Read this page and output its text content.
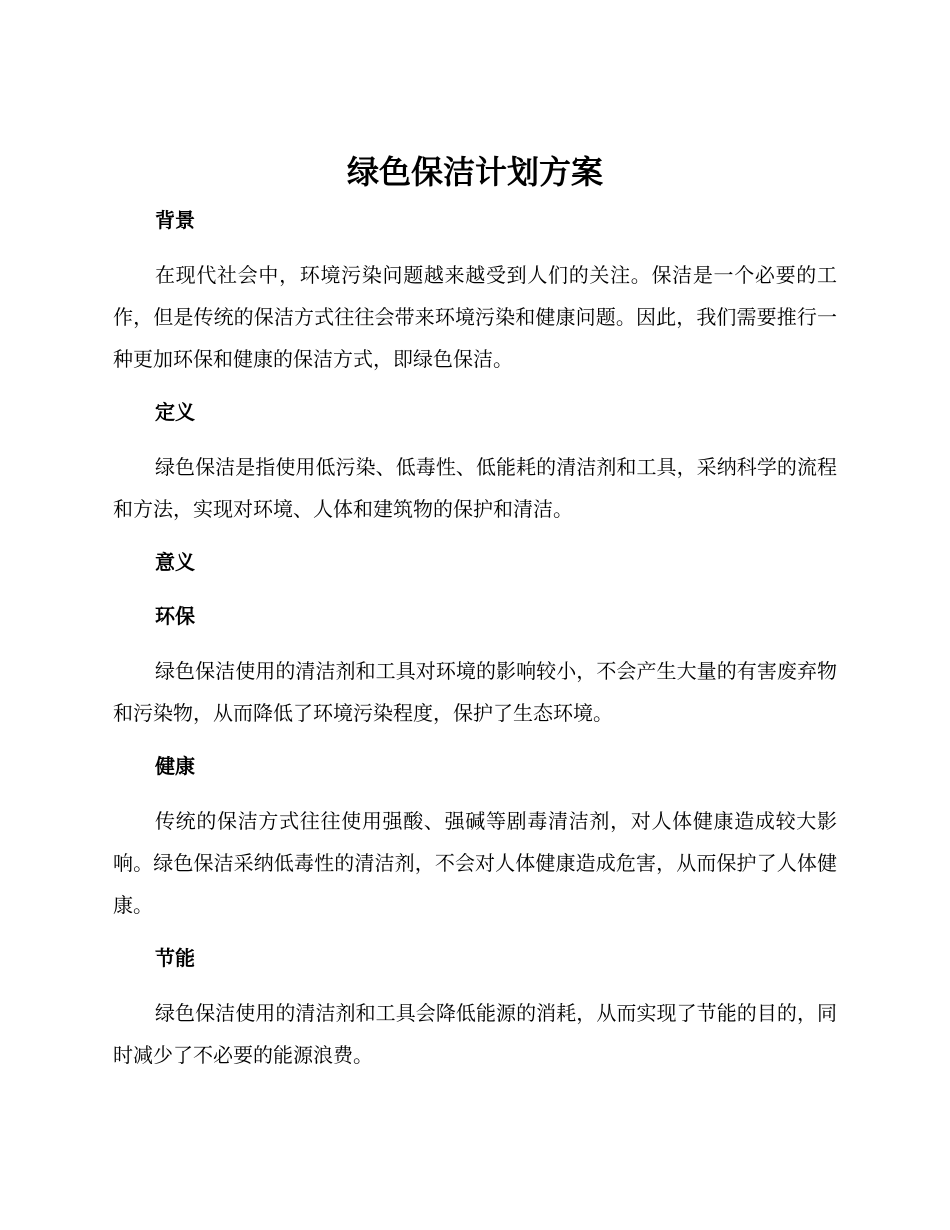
绿色保洁计划方案
背景

在现代社会中，环境污染问题越来越受到人们的关注。保洁是一个必要的工作，但是传统的保洁方式往往会带来环境污染和健康问题。因此，我们需要推行一种更加环保和健康的保洁方式，即绿色保洁。

定义

绿色保洁是指使用低污染、低毒性、低能耗的清洁剂和工具，采纳科学的流程和方法，实现对环境、人体和建筑物的保护和清洁。

意义
环保

绿色保洁使用的清洁剂和工具对环境的影响较小，不会产生大量的有害废弃物和污染物，从而降低了环境污染程度，保护了生态环境。

健康

传统的保洁方式往往使用强酸、强碱等剧毒清洁剂，对人体健康造成较大影响。绿色保洁采纳低毒性的清洁剂，不会对人体健康造成危害，从而保护了人体健康。

节能

绿色保洁使用的清洁剂和工具会降低能源的消耗，从而实现了节能的目的，同时减少了不必要的能源浪费。
